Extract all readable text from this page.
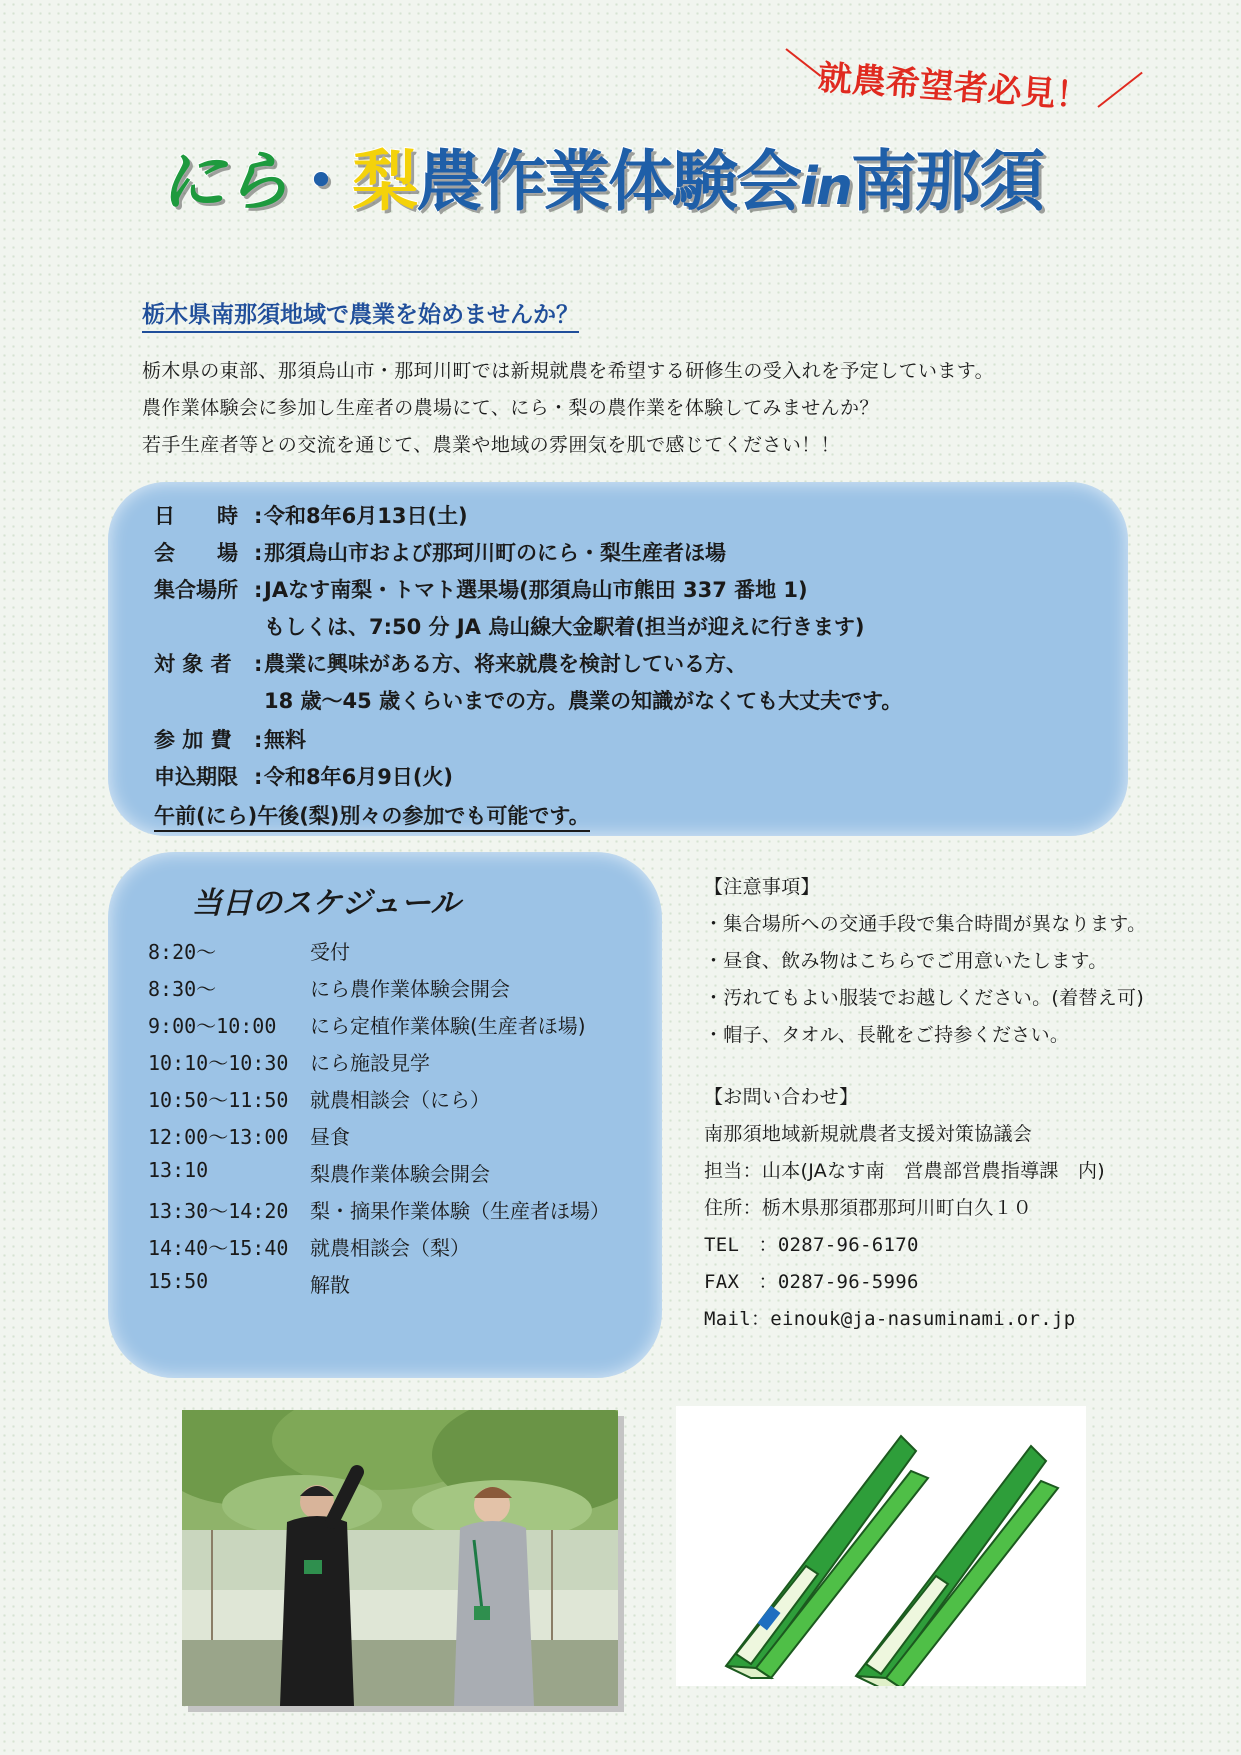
就農希望者必見！
にら・梨農作業体験会in南那須
栃木県南那須地域で農業を始めませんか？
栃木県の東部、那須烏山市・那珂川町では新規就農を希望する研修生の受入れを予定しています。
農作業体験会に参加し生産者の農場にて、にら・梨の農作業を体験してみませんか？
若手生産者等との交流を通じて、農業や地域の雰囲気を肌で感じてください！！
日　　時 :令和8年6月13日(土)
会　　場 :那須烏山市および那珂川町のにら・梨生産者ほ場
集合場所 :JAなす南梨・トマト選果場(那須烏山市熊田 337 番地 1)
もしくは、7:50 分 JA 烏山線大金駅着(担当が迎えに行きます)
対 象 者 :農業に興味がある方、将来就農を検討している方、
18 歳～45 歳くらいまでの方。農業の知識がなくても大丈夫です。
参 加 費 :無料
申込期限 :令和8年6月9日(火)
午前(にら)午後(梨)別々の参加でも可能です。
当日のスケジュール
8:20～	受付
8:30～	にら農作業体験会開会
9:00～10:00 にら定植作業体験(生産者ほ場)
10:10～10:30 にら施設見学
10:50～11:50 就農相談会（にら）
12:00～13:00 昼食
13:10	梨農作業体験会開会
13:30～14:20 梨・摘果作業体験（生産者ほ場）
14:40～15:40 就農相談会（梨）
15:50	解散
【注意事項】
・集合場所への交通手段で集合時間が異なります。
・昼食、飲み物はこちらでご用意いたします。
・汚れてもよい服装でお越しください。(着替え可)
・帽子、タオル、長靴をご持参ください。
【お問い合わせ】
南那須地域新規就農者支援対策協議会
担当：山本(JAなす南　営農部営農指導課　内)
住所：栃木県那須郡那珂川町白久１０
TEL　：0287-96-6170
FAX　：0287-96-5996
Mail：einouk@ja-nasuminami.or.jp
